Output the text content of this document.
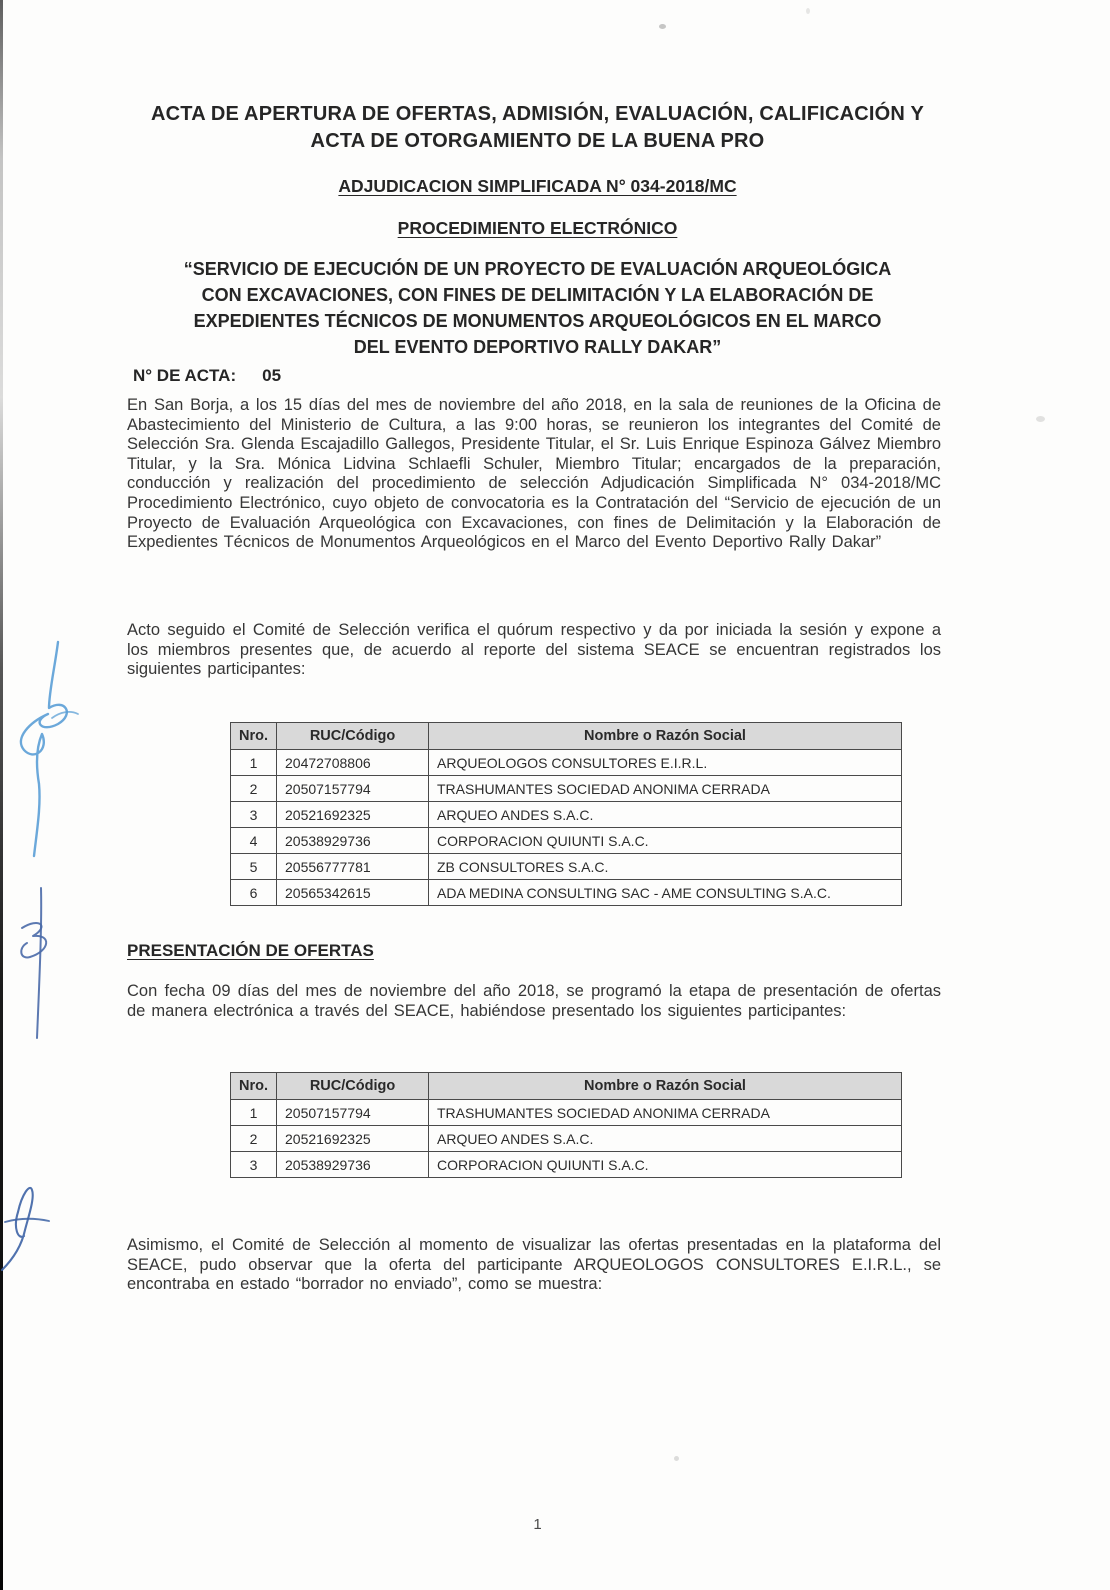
ACTA DE APERTURA DE OFERTAS, ADMISIÓN, EVALUACIÓN, CALIFICACIÓN Y
ACTA DE OTORGAMIENTO DE LA BUENA PRO
ADJUDICACION SIMPLIFICADA N° 034-2018/MC
PROCEDIMIENTO ELECTRÓNICO
“SERVICIO DE EJECUCIÓN DE UN PROYECTO DE EVALUACIÓN ARQUEOLÓGICA
CON EXCAVACIONES, CON FINES DE DELIMITACIÓN Y LA ELABORACIÓN DE
EXPEDIENTES TÉCNICOS DE MONUMENTOS ARQUEOLÓGICOS EN EL MARCO
DEL EVENTO DEPORTIVO RALLY DAKAR”
N° DE ACTA: 05

En San Borja, a los 15 días del mes de noviembre del año 2018, en la sala de reuniones de la Oficina de Abastecimiento del Ministerio de Cultura, a las 9:00 horas, se reunieron los integrantes del Comité de Selección Sra. Glenda Escajadillo Gallegos, Presidente Titular, el Sr. Luis Enrique Espinoza Gálvez Miembro Titular, y la Sra. Mónica Lidvina Schlaefli Schuler, Miembro Titular; encargados de la preparación, conducción y realización del procedimiento de selección Adjudicación Simplificada N° 034-2018/MC Procedimiento Electrónico, cuyo objeto de convocatoria es la Contratación del “Servicio de ejecución de un Proyecto de Evaluación Arqueológica con Excavaciones, con fines de Delimitación y la Elaboración de Expedientes Técnicos de Monumentos Arqueológicos en el Marco del Evento Deportivo Rally Dakar”

Acto seguido el Comité de Selección verifica el quórum respectivo y da por iniciada la sesión y expone a los miembros presentes que, de acuerdo al reporte del sistema SEACE se encuentran registrados los siguientes participantes:

Nro.	RUC/Código	Nombre o Razón Social
1	20472708806	ARQUEOLOGOS CONSULTORES E.I.R.L.
2	20507157794	TRASHUMANTES SOCIEDAD ANONIMA CERRADA
3	20521692325	ARQUEO ANDES S.A.C.
4	20538929736	CORPORACION QUIUNTI S.A.C.
5	20556777781	ZB CONSULTORES S.A.C.
6	20565342615	ADA MEDINA CONSULTING SAC - AME CONSULTING S.A.C.
PRESENTACIÓN DE OFERTAS

Con fecha 09 días del mes de noviembre del año 2018, se programó la etapa de presentación de ofertas de manera electrónica a través del SEACE, habiéndose presentado los siguientes participantes:

Nro.	RUC/Código	Nombre o Razón Social
1	20507157794	TRASHUMANTES SOCIEDAD ANONIMA CERRADA
2	20521692325	ARQUEO ANDES S.A.C.
3	20538929736	CORPORACION QUIUNTI S.A.C.

Asimismo, el Comité de Selección al momento de visualizar las ofertas presentadas en la plataforma del SEACE, pudo observar que la oferta del participante ARQUEOLOGOS CONSULTORES E.I.R.L., se encontraba en estado “borrador no enviado”, como se muestra:

1
